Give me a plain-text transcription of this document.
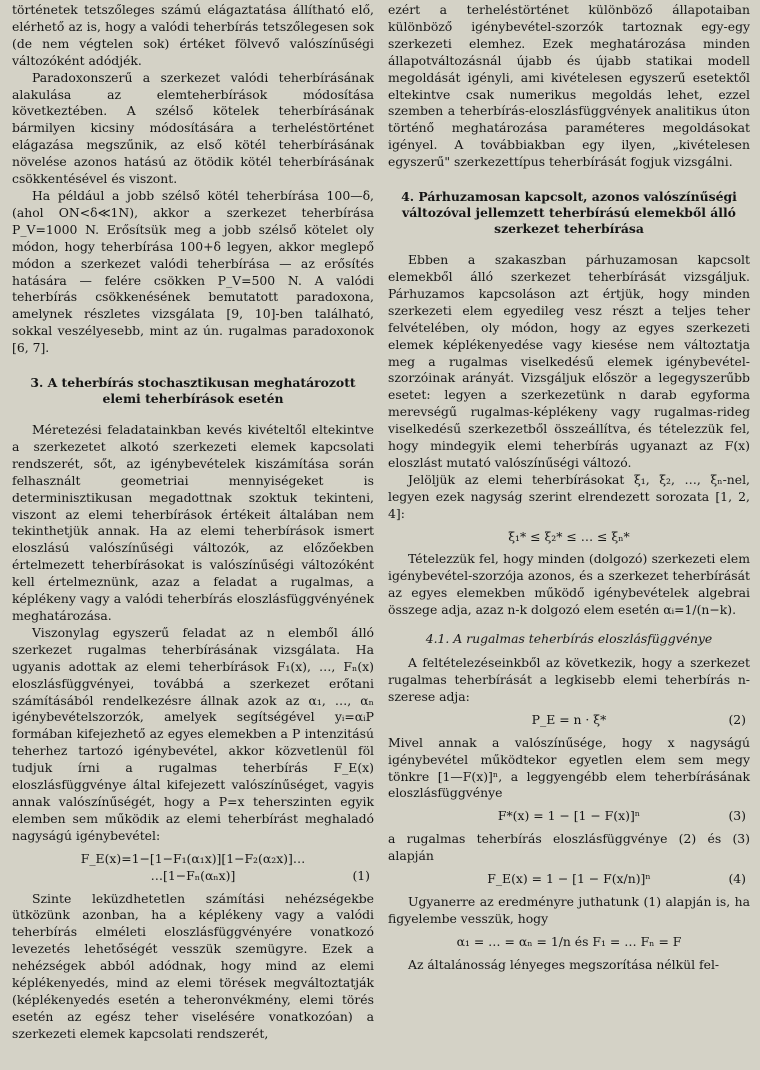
történetek tetszőleges számú elágaztatása állítható elő, elérhető az is, hogy a valódi teherbírás tetszőlegesen sok (de nem végtelen sok) értéket fölvevő valószínűségi változóként adódjék.

Paradoxonszerű a szerkezet valódi teherbírásának alakulása az elemteherbírások módosítása következtében. A szélső kötelek teherbírásának bármilyen kicsiny módosítására a terheléstörténet elágazása megszűnik, az első kötél teherbírásának növelése azonos hatású az ötödik kötél teherbírásának csökkentésével és viszont.

Ha például a jobb szélső kötél teherbírása 100—δ, (ahol ON<δ≪1N), akkor a szerkezet teherbírása P_V=1000 N. Erősítsük meg a jobb szélső kötelet oly módon, hogy teherbírása 100+δ legyen, akkor meglepő módon a szerkezet valódi teherbírása — az erősítés hatására — felére csökken P_V=500 N. A valódi teherbírás csökkenésének bemutatott paradoxona, amelynek részletes vizsgálata [9, 10]-ben található, sokkal veszélyesebb, mint az ún. rugalmas paradoxonok [6, 7].

3. A teherbírás stochasztikusan meghatározott elemi teherbírások esetén

Méretezési feladatainkban kevés kivételtől eltekintve a szerkezetet alkotó szerkezeti elemek kapcsolati rendszerét, sőt, az igénybevételek kiszámítása során felhasznált geometriai mennyiségeket is determinisztikusan megadottnak szoktuk tekinteni, viszont az elemi teherbírások értékeit általában nem tekinthetjük annak. Ha az elemi teherbírások ismert eloszlású valószínűségi változók, az előzőekben értelmezett teherbírásokat is valószínűségi változóként kell értelmeznünk, azaz a feladat a rugalmas, a képlékeny vagy a valódi teherbírás eloszlásfüggvényének meghatározása.

Viszonylag egyszerű feladat az n elemből álló szerkezet rugalmas teherbírásának vizsgálata. Ha ugyanis adottak az elemi teherbírások F₁(x), …, Fₙ(x) eloszlásfüggvényei, továbbá a szerkezet erőtani számításából rendelkezésre állnak azok az α₁, …, αₙ igénybevételszorzók, amelyek segítségével yᵢ=αᵢP formában kifejezhető az egyes elemekben a P intenzitású teherhez tartozó igénybevétel, akkor közvetlenül föl tudjuk írni a rugalmas teherbírás F_E(x) eloszlásfüggvénye által kifejezett valószínűséget, vagyis annak valószínűségét, hogy a P=x teherszinten egyik elemben sem működik az elemi teherbírást meghaladó nagyságú igénybevétel:

F_E(x)=1−[1−F₁(α₁x)][1−F₂(α₂x)]…
…[1−Fₙ(αₙx)]	(1)

Szinte leküzdhetetlen számítási nehézségekbe ütközünk azonban, ha a képlékeny vagy a valódi teherbírás elméleti eloszlásfüggvényére vonatkozó levezetés lehetőségét vesszük szemügyre. Ezek a nehézségek abból adódnak, hogy mind az elemi képlékenyedés, mind az elemi törések megváltoztatják (képlékenyedés esetén a teheronvékmény, elemi törés esetén az egész teher viselésére vonatkozóan) a szerkezeti elemek kapcsolati rendszerét,

ezért a terheléstörténet különböző állapotaiban különböző igénybevétel-szorzók tartoznak egy-egy szerkezeti elemhez. Ezek meghatározása minden állapotváltozásnál újabb és újabb statikai modell megoldását igényli, ami kivételesen egyszerű esetektől eltekintve csak numerikus megoldás lehet, ezzel szemben a teherbírás-eloszlásfüggvények analitikus úton történő meghatározása paraméteres megoldásokat igényel. A továbbiakban egy ilyen, „kivételesen egyszerű" szerkezettípus teherbírását fogjuk vizsgálni.

4. Párhuzamosan kapcsolt, azonos valószínűségi változóval jellemzett teherbírású elemekből álló szerkezet teherbírása

Ebben a szakaszban párhuzamosan kapcsolt elemekből álló szerkezet teherbírását vizsgáljuk. Párhuzamos kapcsoláson azt értjük, hogy minden szerkezeti elem egyedileg vesz részt a teljes teher felvételében, oly módon, hogy az egyes szerkezeti elemek képlékenyedése vagy kiesése nem változtatja meg a rugalmas viselkedésű elemek igénybevétel-szorzóinak arányát. Vizsgáljuk először a legegyszerűbb esetet: legyen a szerkezetünk n darab egyforma merevségű rugalmas-képlékeny vagy rugalmas-rideg viselkedésű szerkezetből összeállítva, és tételezzük fel, hogy mindegyik elemi teherbírás ugyanazt az F(x) eloszlást mutató valószínűségi változó.

Jelöljük az elemi teherbírásokat ξ₁, ξ₂, …, ξₙ-nel, legyen ezek nagyság szerint elrendezett sorozata [1, 2, 4]:

ξ₁* ≤ ξ₂* ≤ … ≤ ξₙ*

Tételezzük fel, hogy minden (dolgozó) szerkezeti elem igénybevétel-szorzója azonos, és a szerkezet teherbírását az egyes elemekben működő igénybevételek algebrai összege adja, azaz n-k dolgozó elem esetén αᵢ=1/(n−k).

4.1. A rugalmas teherbírás eloszlásfüggvénye

A feltételezéseinkből az következik, hogy a szerkezet rugalmas teherbírását a legkisebb elemi teherbírás n-szerese adja:

P_E = n · ξ*	(2)

Mivel annak a valószínűsége, hogy x nagyságú igénybevétel működtekor egyetlen elem sem megy tönkre [1—F(x)]ⁿ, a leggyengébb elem teherbírásának eloszlásfüggvénye

F*(x) = 1 − [1 − F(x)]ⁿ	(3)

a rugalmas teherbírás eloszlásfüggvénye (2) és (3) alapján

F_E(x) = 1 − [1 − F(x/n)]ⁿ	(4)

Ugyanerre az eredményre juthatunk (1) alapján is, ha figyelembe vesszük, hogy

α₁ = … = αₙ = 1/n és F₁ = … Fₙ = F

Az általánosság lényeges megszorítása nélkül fel-
